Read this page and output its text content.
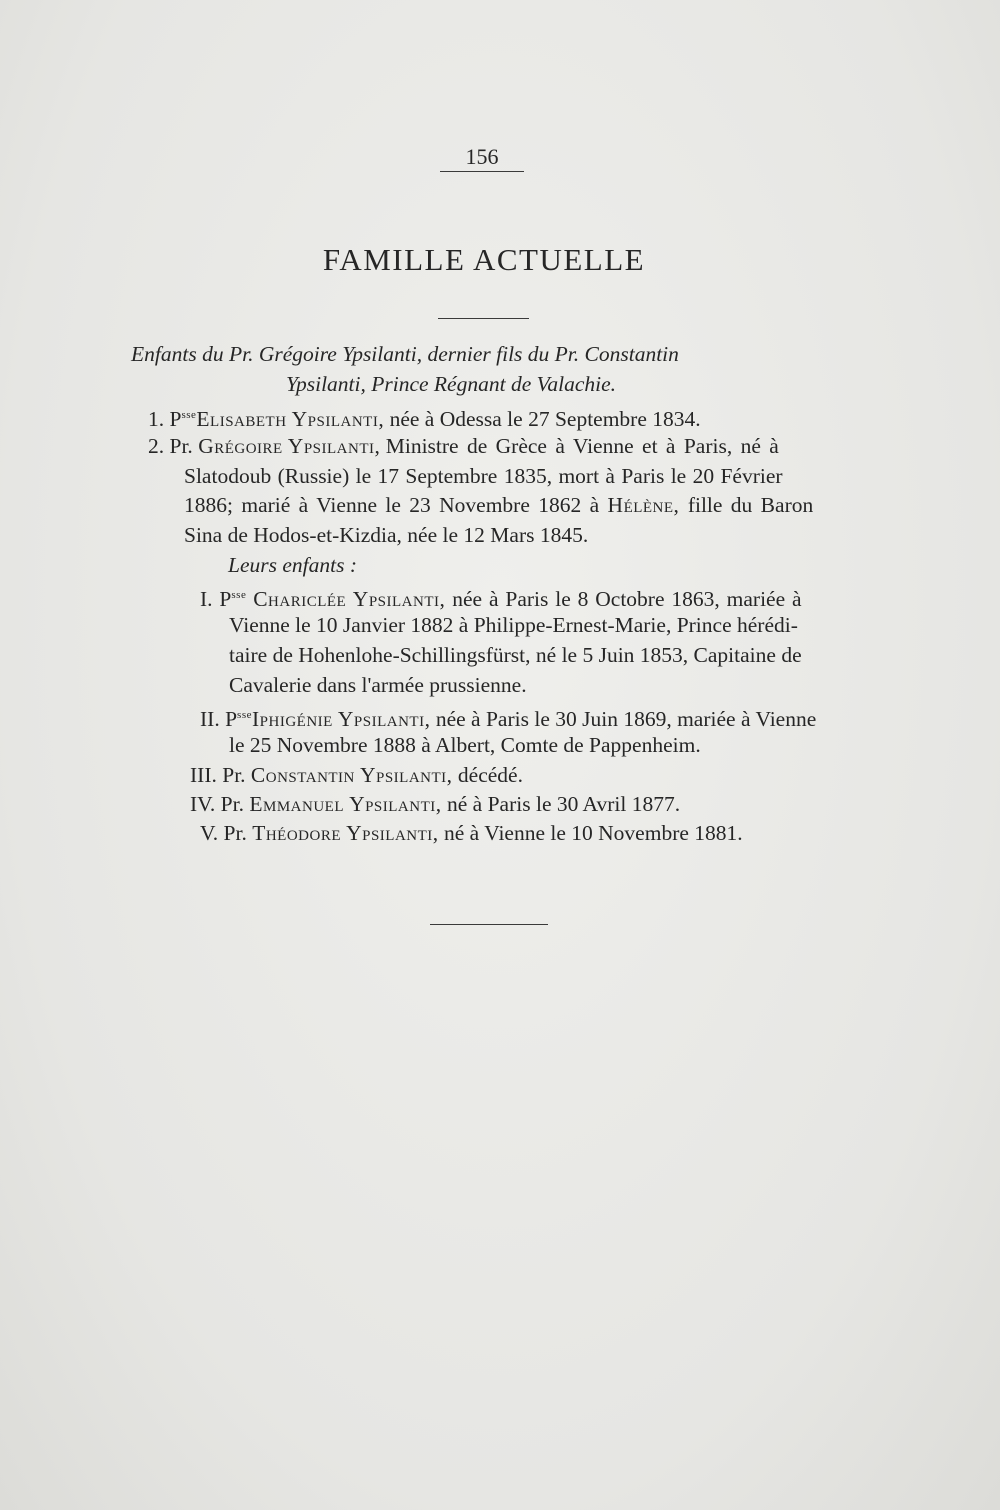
156
FAMILLE ACTUELLE
Enfants du Pr. Grégoire Ypsilanti, dernier fils du Pr. Constantin
Ypsilanti, Prince Régnant de Valachie.
1. $P^{sse}Elisabeth$ Ypsilanti, née à Odessa le 27 Septembre 1834.
2. Pr. Grégoire Ypsilanti, Ministre de Grèce à Vienne et à Paris, né à
Slatodoub (Russie) le 17 Septembre 1835, mort à Paris le 20 Février
1886; marié à Vienne le 23 Novembre 1862 à Hélène, fille du Baron
Sina de Hodos-et-Kizdia, née le 12 Mars 1845.
Leurs enfants :
I. $P^{sse}$ Chariclée Ypsilanti, née à Paris le 8 Octobre 1863, mariée à
Vienne le 10 Janvier 1882 à Philippe-Ernest-Marie, Prince hérédi-
taire de Hohenlohe-Schillingsfürst, né le 5 Juin 1853, Capitaine de
Cavalerie dans l'armée prussienne.
II. $P^{sse}Iphigénie$ Ypsilanti, née à Paris le 30 Juin 1869, mariée à Vienne
le 25 Novembre 1888 à Albert, Comte de Pappenheim.
III. Pr. Constantin Ypsilanti, décédé.
IV. Pr. Emmanuel Ypsilanti, né à Paris le 30 Avril 1877.
V. Pr. Théodore Ypsilanti, né à Vienne le 10 Novembre 1881.
